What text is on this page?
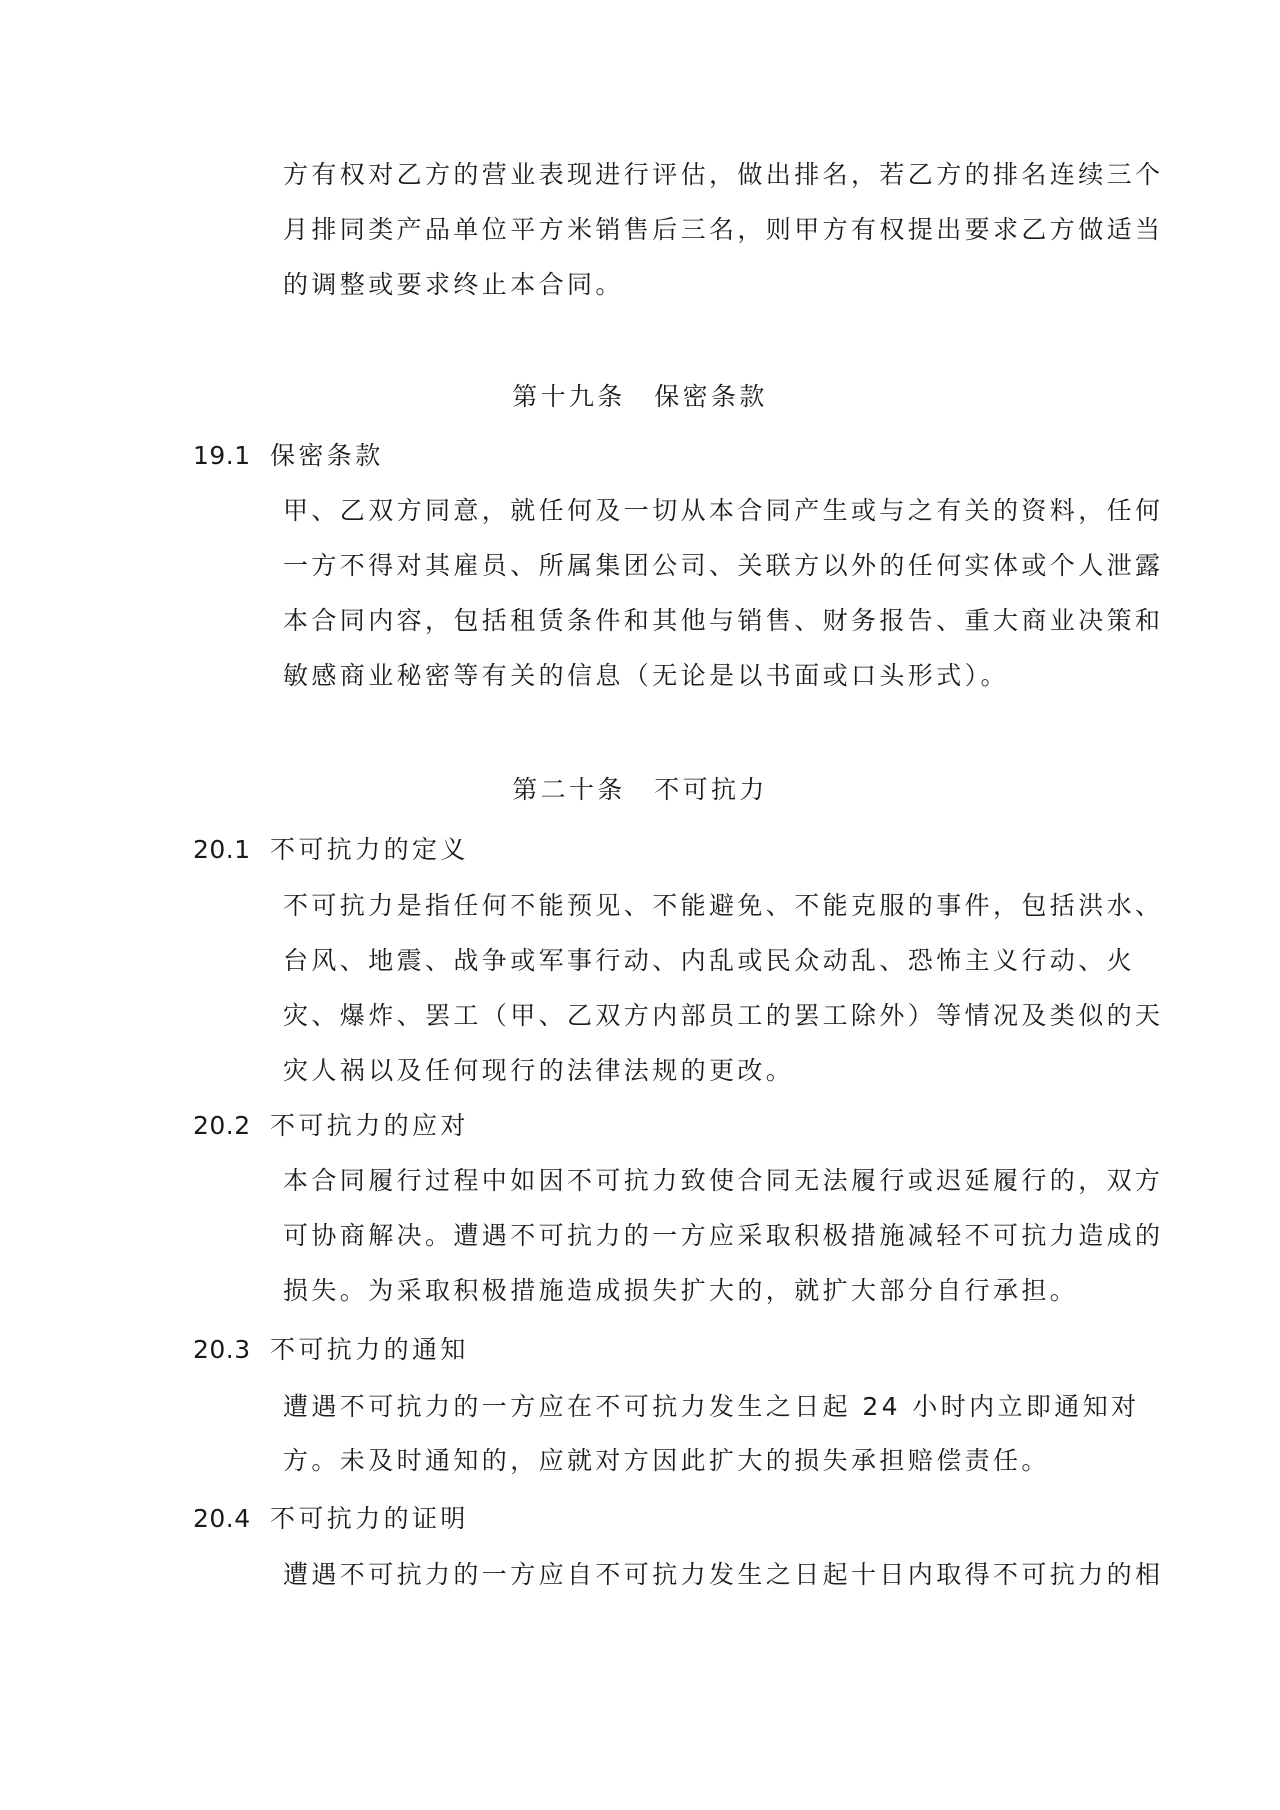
方有权对乙方的营业表现进行评估，做出排名，若乙方的排名连续三个
月排同类产品单位平方米销售后三名，则甲方有权提出要求乙方做适当
的调整或要求终止本合同。
第十九条　保密条款
19.1 保密条款
甲、乙双方同意，就任何及一切从本合同产生或与之有关的资料，任何
一方不得对其雇员、所属集团公司、关联方以外的任何实体或个人泄露
本合同内容，包括租赁条件和其他与销售、财务报告、重大商业决策和
敏感商业秘密等有关的信息（无论是以书面或口头形式）。
第二十条　不可抗力
20.1 不可抗力的定义
不可抗力是指任何不能预见、不能避免、不能克服的事件，包括洪水、
台风、地震、战争或军事行动、内乱或民众动乱、恐怖主义行动、火
灾、爆炸、罢工（甲、乙双方内部员工的罢工除外）等情况及类似的天
灾人祸以及任何现行的法律法规的更改。
20.2 不可抗力的应对
本合同履行过程中如因不可抗力致使合同无法履行或迟延履行的，双方
可协商解决。遭遇不可抗力的一方应采取积极措施减轻不可抗力造成的
损失。为采取积极措施造成损失扩大的，就扩大部分自行承担。
20.3 不可抗力的通知
遭遇不可抗力的一方应在不可抗力发生之日起 24 小时内立即通知对
方。未及时通知的，应就对方因此扩大的损失承担赔偿责任。
20.4 不可抗力的证明
遭遇不可抗力的一方应自不可抗力发生之日起十日内取得不可抗力的相
